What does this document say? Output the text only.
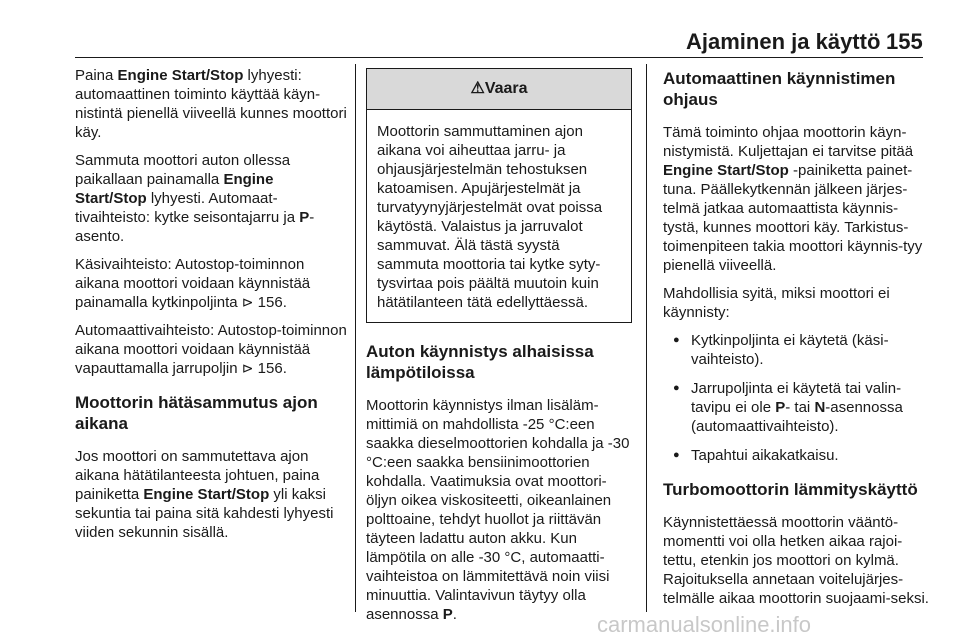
Ajaminen ja käyttö 155

Paina Engine Start/Stop lyhyesti: automaattinen toiminto käyttää käyn-nistintä pienellä viiveellä kunnes moottori käy.

Sammuta moottori auton ollessa paikallaan painamalla Engine Start/Stop lyhyesti. Automaat-tivaihteisto: kytke seisontajarru ja P-asento.

Käsivaihteisto: Autostop-toiminnon aikana moottori voidaan käynnistää painamalla kytkinpoljinta ⊳ 156.

Automaattivaihteisto: Autostop-toiminnon aikana moottori voidaan käynnistää vapauttamalla jarrupoljin ⊳ 156.

Moottorin hätäsammutus ajon aikana

Jos moottori on sammutettava ajon aikana hätätilanteesta johtuen, paina painiketta Engine Start/Stop yli kaksi sekuntia tai paina sitä kahdesti lyhyesti viiden sekunnin sisällä.

⚠Vaara
Moottorin sammuttaminen ajon aikana voi aiheuttaa jarru- ja ohjausjärjestelmän tehostuksen katoamisen. Apujärjestelmät ja turvatyynyjärjestelmät ovat poissa käytöstä. Valaistus ja jarruvalot sammuvat. Älä tästä syystä sammuta moottoria tai kytke syty-tysvirtaa pois päältä muutoin kuin hätätilanteen tätä edellyttäessä.
Auton käynnistys alhaisissa lämpötiloissa

Moottorin käynnistys ilman lisäläm-mittimiä on mahdollista -25 °C:een saakka dieselmoottorien kohdalla ja -30 °C:een saakka bensiinimoottorien kohdalla. Vaatimuksia ovat moottori-öljyn oikea viskositeetti, oikeanlainen polttoaine, tehdyt huollot ja riittävän täyteen ladattu auton akku. Kun lämpötila on alle -30 °C, automaatti-vaihteistoa on lämmitettävä noin viisi minuuttia. Valintavivun täytyy olla asennossa P.

Automaattinen käynnistimen ohjaus

Tämä toiminto ohjaa moottorin käyn-nistymistä. Kuljettajan ei tarvitse pitää Engine Start/Stop -painiketta painet-tuna. Päällekytkennän jälkeen järjes-telmä jatkaa automaattista käynnis-tystä, kunnes moottori käy. Tarkistus-toimenpiteen takia moottori käynnis-tyy pienellä viiveellä.

Mahdollisia syitä, miksi moottori ei käynnisty:

● Kytkinpoljinta ei käytetä (käsi-vaihteisto).
● Jarrupoljinta ei käytetä tai valin-tavipu ei ole P- tai N-asennossa (automaattivaihteisto).
● Tapahtui aikakatkaisu.
Turbomoottorin lämmityskäyttö

Käynnistettäessä moottorin vääntö-momentti voi olla hetken aikaa rajoi-tettu, etenkin jos moottori on kylmä. Rajoituksella annetaan voitelujärjes-telmälle aikaa moottorin suojaami-seksi.

carmanualsonline.info
